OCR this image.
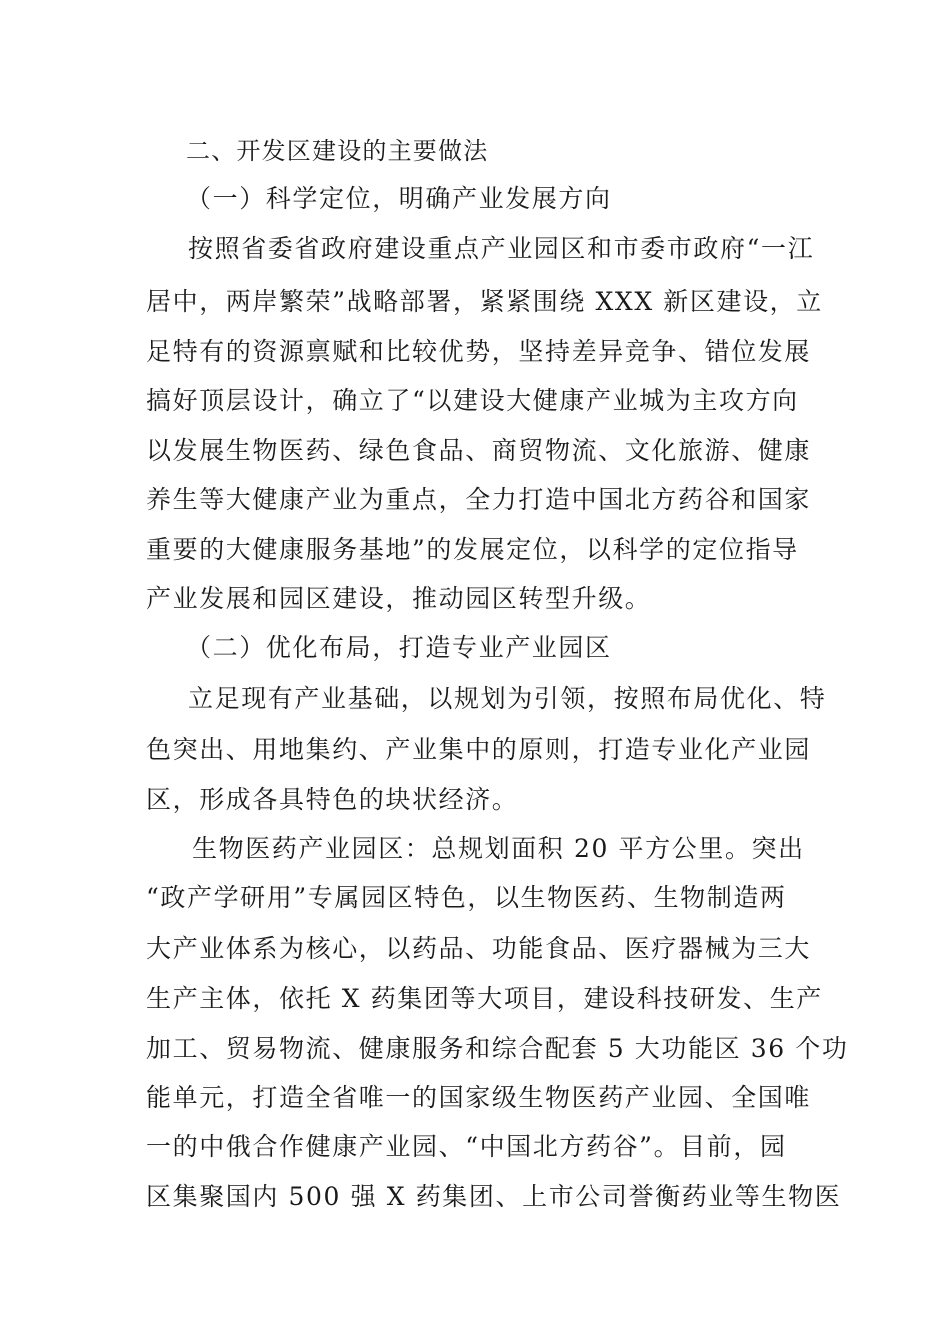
二、开发区建设的主要做法
（一）科学定位，明确产业发展方向
按照省委省政府建设重点产业园区和市委市政府“一江
居中，两岸繁荣”战略部署，紧紧围绕 XXX 新区建设，立
足特有的资源禀赋和比较优势，坚持差异竞争、错位发展
搞好顶层设计，确立了“以建设大健康产业城为主攻方向
以发展生物医药、绿色食品、商贸物流、文化旅游、健康
养生等大健康产业为重点，全力打造中国北方药谷和国家
重要的大健康服务基地”的发展定位，以科学的定位指导
产业发展和园区建设，推动园区转型升级。
（二）优化布局，打造专业产业园区
立足现有产业基础，以规划为引领，按照布局优化、特
色突出、用地集约、产业集中的原则，打造专业化产业园
区，形成各具特色的块状经济。
生物医药产业园区：总规划面积 20 平方公里。突出
“政产学研用”专属园区特色，以生物医药、生物制造两
大产业体系为核心，以药品、功能食品、医疗器械为三大
生产主体，依托 X 药集团等大项目，建设科技研发、生产
加工、贸易物流、健康服务和综合配套 5 大功能区 36 个功
能单元，打造全省唯一的国家级生物医药产业园、全国唯
一的中俄合作健康产业园、“中国北方药谷”。目前，园
区集聚国内 500 强 X 药集团、上市公司誉衡药业等生物医
